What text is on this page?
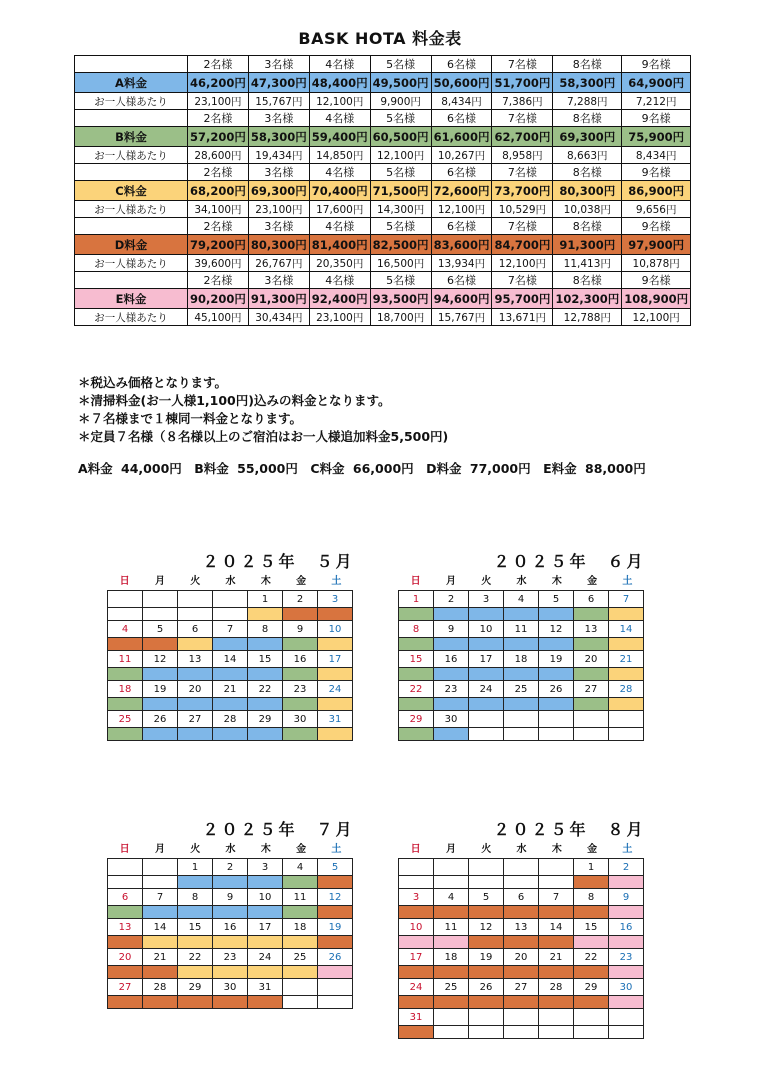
BASK HOTA 料金表
	2名様	3名様	4名様	5名様	6名様	7名様	8名様	9名様
A料金	46,200円	47,300円	48,400円	49,500円	50,600円	51,700円	58,300円	64,900円
お一人様あたり	23,100円	15,767円	12,100円	9,900円	8,434円	7,386円	7,288円	7,212円
	2名様	3名様	4名様	5名様	6名様	7名様	8名様	9名様
B料金	57,200円	58,300円	59,400円	60,500円	61,600円	62,700円	69,300円	75,900円
お一人様あたり	28,600円	19,434円	14,850円	12,100円	10,267円	8,958円	8,663円	8,434円
	2名様	3名様	4名様	5名様	6名様	7名様	8名様	9名様
C料金	68,200円	69,300円	70,400円	71,500円	72,600円	73,700円	80,300円	86,900円
お一人様あたり	34,100円	23,100円	17,600円	14,300円	12,100円	10,529円	10,038円	9,656円
	2名様	3名様	4名様	5名様	6名様	7名様	8名様	9名様
D料金	79,200円	80,300円	81,400円	82,500円	83,600円	84,700円	91,300円	97,900円
お一人様あたり	39,600円	26,767円	20,350円	16,500円	13,934円	12,100円	11,413円	10,878円
	2名様	3名様	4名様	5名様	6名様	7名様	8名様	9名様
E料金	90,200円	91,300円	92,400円	93,500円	94,600円	95,700円	102,300円	108,900円
お一人様あたり	45,100円	30,434円	23,100円	18,700円	15,767円	13,671円	12,788円	12,100円
＊税込み価格となります。
＊清掃料金(お一人様1,100円)込みの料金となります。
＊７名様まで１棟同一料金となります。
＊定員７名様（８名様以上のご宿泊はお一人様追加料金5,500円)
A料金 44,000円　B料金 55,000円　C料金 66,000円　D料金 77,000円　E料金 88,000円
２０２５年　５月
日	月	火	水	木	金	土
				1	2	3

4	5	6	7	8	9	10

11	12	13	14	15	16	17

18	19	20	21	22	23	24

25	26	27	28	29	30	31

２０２５年　６月
日	月	火	水	木	金	土
1	2	3	4	5	6	7

8	9	10	11	12	13	14

15	16	17	18	19	20	21

22	23	24	25	26	27	28

29	30					

２０２５年　７月
日	月	火	水	木	金	土
		1	2	3	4	5

6	7	8	9	10	11	12

13	14	15	16	17	18	19

20	21	22	23	24	25	26

27	28	29	30	31		

２０２５年　８月
日	月	火	水	木	金	土
					1	2

3	4	5	6	7	8	9

10	11	12	13	14	15	16

17	18	19	20	21	22	23

24	25	26	27	28	29	30

31						
